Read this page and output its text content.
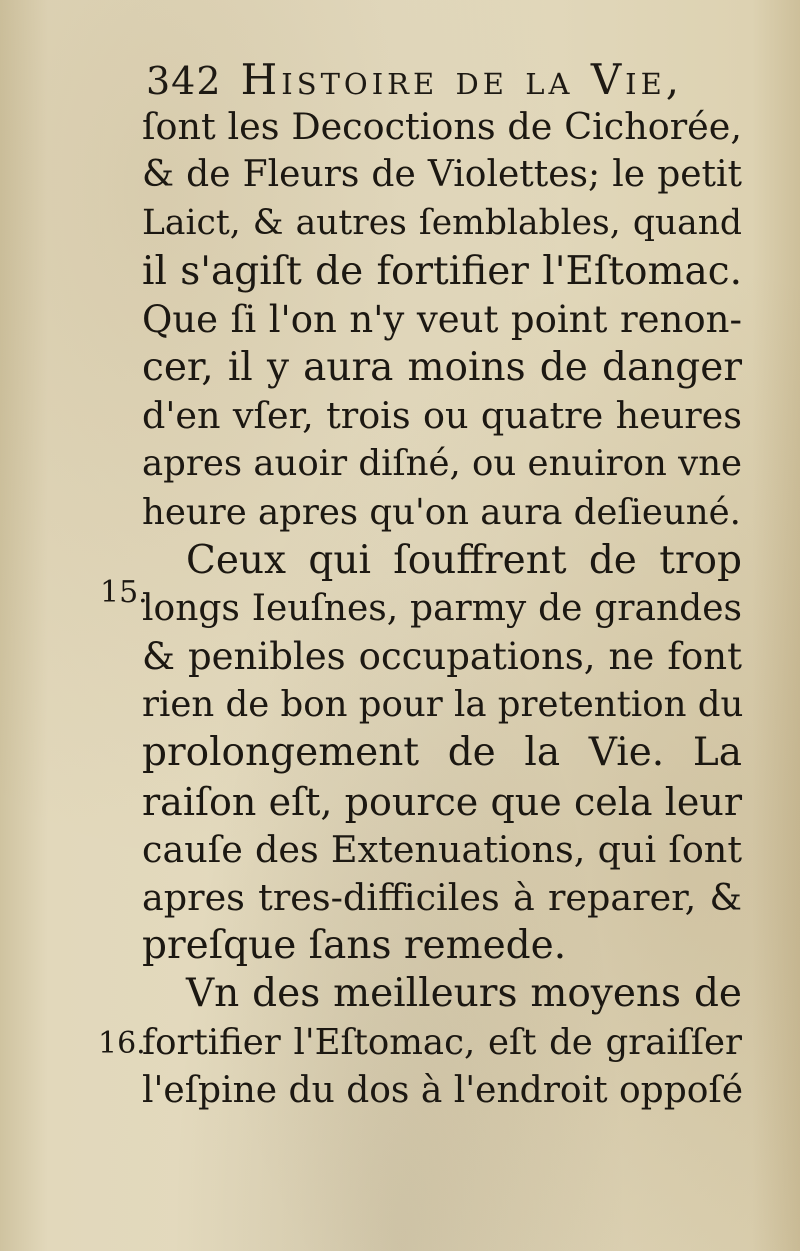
342 Histoire de la Vie,
15.
16.
ſont les Decoctions de Cichorée,
& de Fleurs de Violettes; le petit
Laict, & autres ſemblables, quand
il s'agiſt de fortifier l'Eſtomac.
Que ſi l'on n'y veut point renon-
cer, il y aura moins de danger
d'en vſer, trois ou quatre heures
apres auoir diſné, ou enuiron vne
heure apres qu'on aura deſieuné.
Ceux qui ſouffrent de trop
longs Ieuſnes, parmy de grandes
& penibles occupations, ne font
rien de bon pour la pretention du
prolongement de la Vie. La
raiſon eſt, pource que cela leur
cauſe des Extenuations, qui ſont
apres tres-difficiles à reparer, &
preſque ſans remede.
Vn des meilleurs moyens de
fortifier l'Eſtomac, eſt de graiſſer
l'eſpine du dos à l'endroit oppoſé
